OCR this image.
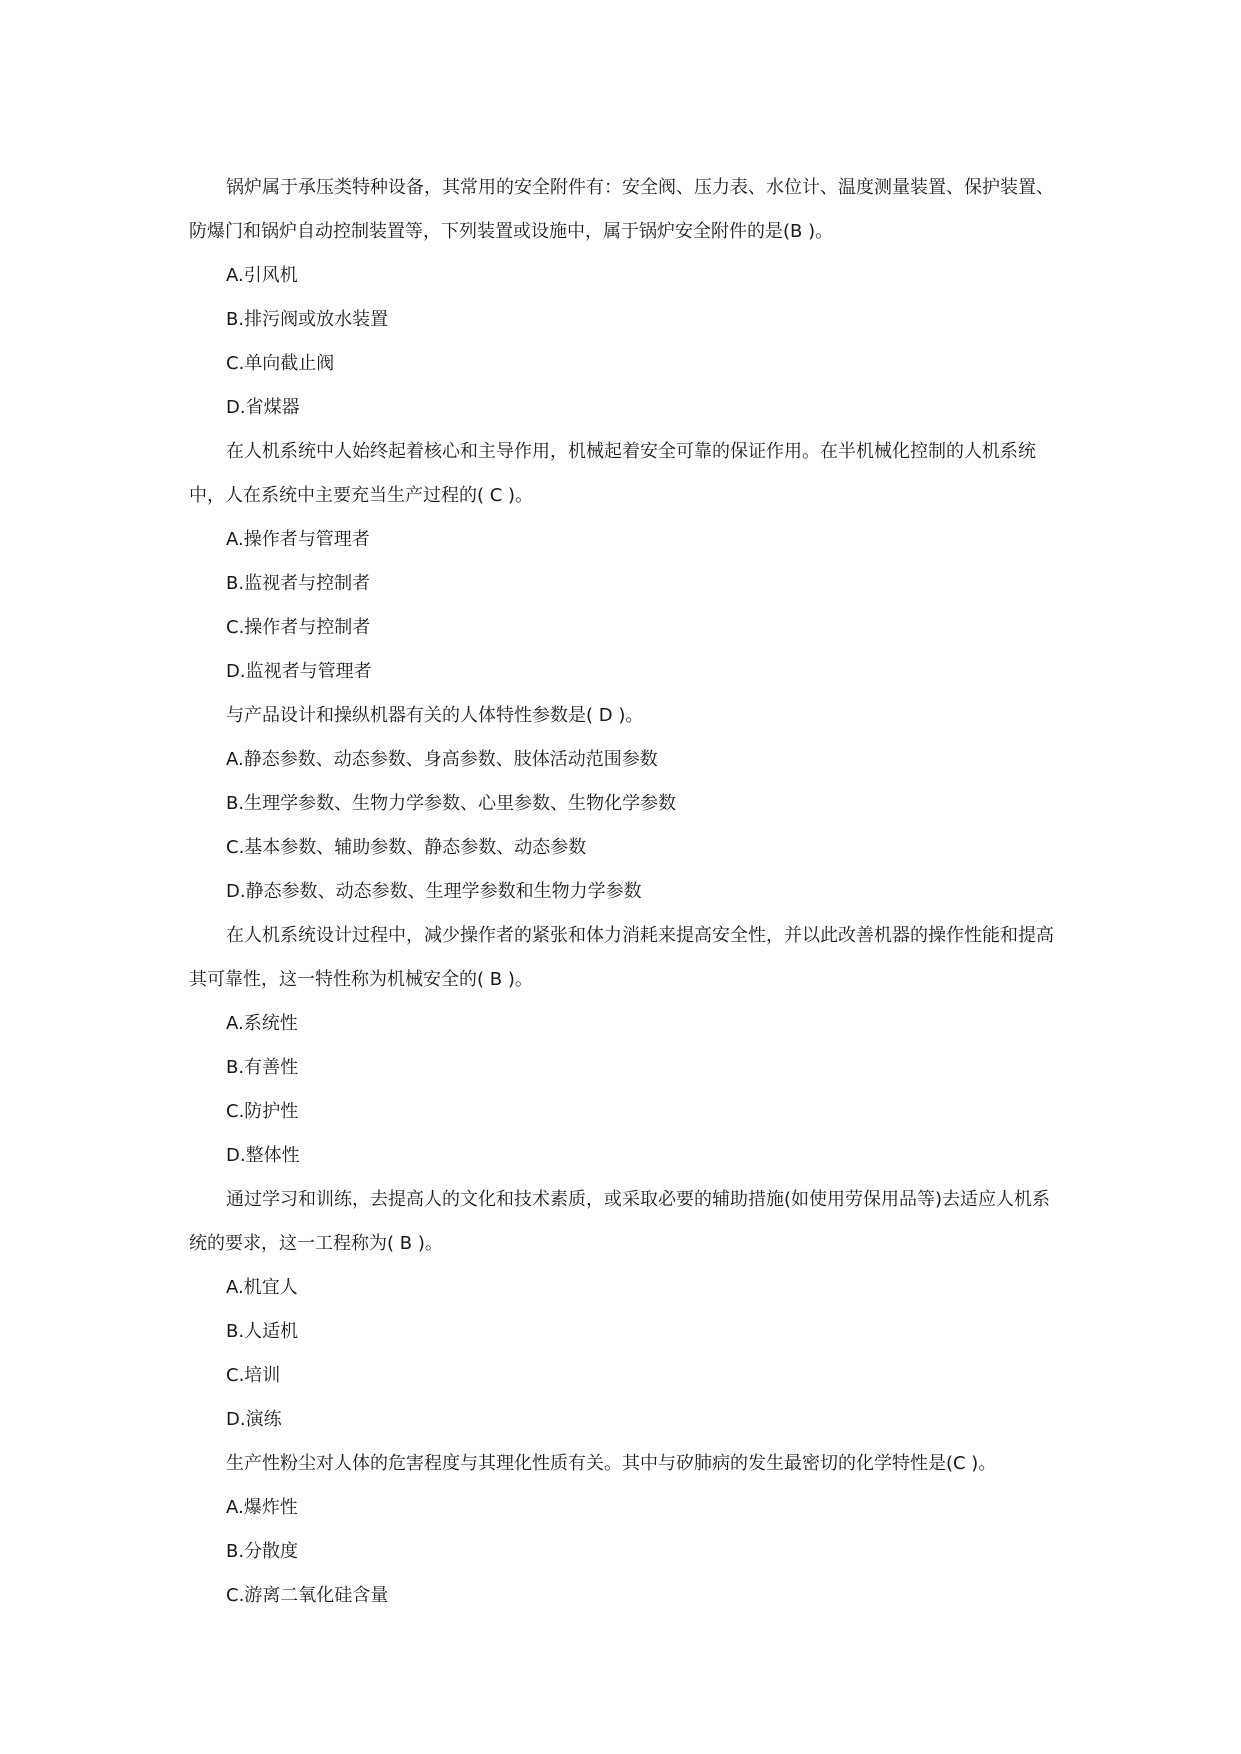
锅炉属于承压类特种设备，其常用的安全附件有：安全阀、压力表、水位计、温度测量装置、保护装置、防爆门和锅炉自动控制装置等，下列装置或设施中，属于锅炉安全附件的是(B )。

A.引风机

B.排污阀或放水装置

C.单向截止阀

D.省煤器

在人机系统中人始终起着核心和主导作用，机械起着安全可靠的保证作用。在半机械化控制的人机系统中，人在系统中主要充当生产过程的( C )。

A.操作者与管理者

B.监视者与控制者

C.操作者与控制者

D.监视者与管理者

与产品设计和操纵机器有关的人体特性参数是( D )。

A.静态参数、动态参数、身高参数、肢体活动范围参数

B.生理学参数、生物力学参数、心里参数、生物化学参数

C.基本参数、辅助参数、静态参数、动态参数

D.静态参数、动态参数、生理学参数和生物力学参数

在人机系统设计过程中，减少操作者的紧张和体力消耗来提高安全性，并以此改善机器的操作性能和提高其可靠性，这一特性称为机械安全的( B )。

A.系统性

B.有善性

C.防护性

D.整体性

通过学习和训练，去提高人的文化和技术素质，或采取必要的辅助措施(如使用劳保用品等)去适应人机系统的要求，这一工程称为( B )。

A.机宜人

B.人适机

C.培训

D.演练

生产性粉尘对人体的危害程度与其理化性质有关。其中与矽肺病的发生最密切的化学特性是(C )。

A.爆炸性

B.分散度

C.游离二氧化硅含量
